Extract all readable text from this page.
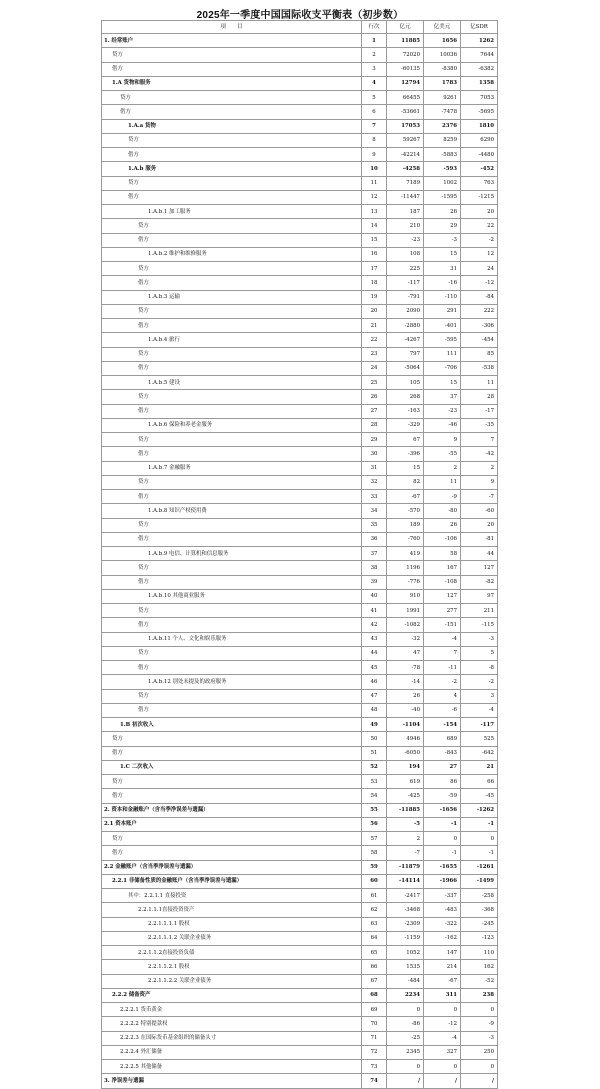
2025年一季度中国国际收支平衡表（初步数）
项　　目	行次	亿元	亿美元	亿SDR
1. 经常账户	1	11885	1656	1262
贷方	2	72020	10036	7644
借方	3	-60135	-8380	-6382
1.A 货物和服务	4	12794	1783	1358
贷方	5	66455	9261	7053
借方	6	-53661	-7478	-5695
1.A.a 货物	7	17053	2376	1810
贷方	8	59267	8259	6290
借方	9	-42214	-5883	-4480
1.A.b 服务	10	-4258	-593	-452
贷方	11	7189	1002	763
借方	12	-11447	-1595	-1215
1.A.b.1 加工服务	13	187	26	20
贷方	14	210	29	22
借方	15	-23	-3	-2
1.A.b.2 维护和维修服务	16	108	15	12
贷方	17	225	31	24
借方	18	-117	-16	-12
1.A.b.3 运输	19	-791	-110	-84
贷方	20	2090	291	222
借方	21	-2880	-401	-306
1.A.b.4 旅行	22	-4267	-595	-454
贷方	23	797	111	85
借方	24	-5064	-706	-538
1.A.b.5 建设	25	105	15	11
贷方	26	268	37	28
借方	27	-163	-23	-17
1.A.b.6 保险和养老金服务	28	-329	-46	-35
贷方	29	67	9	7
借方	30	-396	-55	-42
1.A.b.7 金融服务	31	15	2	2
贷方	32	82	11	9
借方	33	-67	-9	-7
1.A.b.8 知识产权使用费	34	-570	-80	-60
贷方	35	189	26	20
借方	36	-760	-106	-81
1.A.b.9 电信、计算机和信息服务	37	419	58	44
贷方	38	1196	167	127
借方	39	-776	-108	-82
1.A.b.10 其他商业服务	40	910	127	97
贷方	41	1991	277	211
借方	42	-1082	-151	-115
1.A.b.11 个人、文化和娱乐服务	43	-32	-4	-3
贷方	44	47	7	5
借方	45	-78	-11	-8
1.A.b.12 别处未提及的政府服务	46	-14	-2	-2
贷方	47	26	4	3
借方	48	-40	-6	-4
1.B 初次收入	49	-1104	-154	-117
贷方	50	4946	689	525
借方	51	-6050	-843	-642
1.C 二次收入	52	194	27	21
贷方	53	619	86	66
借方	54	-425	-59	-45
2. 资本和金融账户（含当季净误差与遗漏）	55	-11885	-1656	-1262
2.1 资本账户	56	-5	-1	-1
贷方	57	2	0	0
借方	58	-7	-1	-1
2.2 金融账户（含当季净误差与遗漏）	59	-11879	-1655	-1261
2.2.1 非储备性质的金融账户（含当季净误差与遗漏）	60	-14114	-1966	-1499
其中：2.2.1.1 直接投资	61	-2417	-337	-258
2.2.1.1.1直接投资资产	62	-3468	-483	-368
2.2.1.1.1.1 股权	63	-2309	-322	-245
2.2.1.1.1.2 关联企业债务	64	-1159	-162	-123
2.2.1.1.2直接投资负债	65	1052	147	110
2.2.1.1.2.1 股权	66	1535	214	162
2.2.1.1.2.2 关联企业债务	67	-484	-67	-52
2.2.2 储备资产	68	2234	311	238
2.2.2.1 货币黄金	69	0	0	0
2.2.2.2 特别提款权	70	-86	-12	-9
2.2.2.3 在国际货币基金组织的储备头寸	71	-25	-4	-3
2.2.2.4 外汇储备	72	2345	327	250
2.2.2.5 其他储备	73	0	0	0
3. 净误差与遗漏	74	/	/	/
